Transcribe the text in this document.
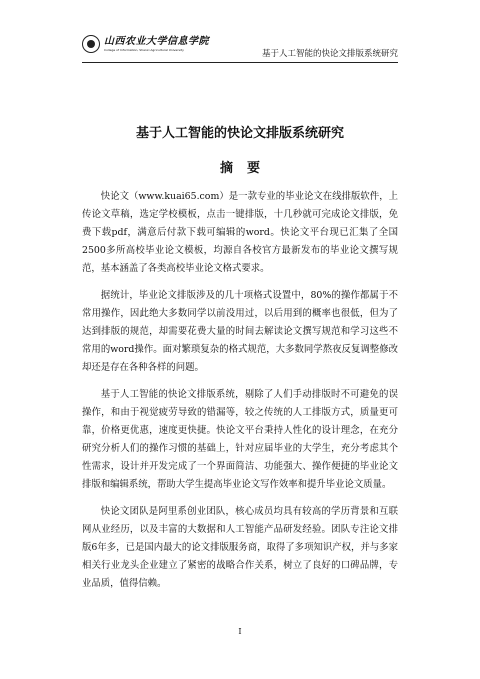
山西农业大学信息学院
College of Information, Shanxi Agricultural University	基于人工智能的快论文排版系统研究
基于人工智能的快论文排版系统研究
摘要

快论文（www.kuai65.com）是一款专业的毕业论文在线排版软件，上传论文草稿，选定学校模板，点击一键排版，十几秒就可完成论文排版，免费下载pdf，满意后付款下载可编辑的word。快论文平台现已汇集了全国2500多所高校毕业论文模板，均源自各校官方最新发布的毕业论文撰写规范，基本涵盖了各类高校毕业论文格式要求。

据统计，毕业论文排版涉及的几十项格式设置中，80%的操作都属于不常用操作，因此绝大多数同学以前没用过，以后用到的概率也很低，但为了达到排版的规范，却需要花费大量的时间去解读论文撰写规范和学习这些不常用的word操作。面对繁琐复杂的格式规范，大多数同学熬夜反复调整修改却还是存在各种各样的问题。

基于人工智能的快论文排版系统，剔除了人们手动排版时不可避免的误操作，和由于视觉疲劳导致的错漏等，较之传统的人工排版方式，质量更可靠，价格更优惠，速度更快捷。快论文平台秉持人性化的设计理念，在充分研究分析人们的操作习惯的基础上，针对应届毕业的大学生，充分考虑其个性需求，设计并开发完成了一个界面简洁、功能强大、操作便捷的毕业论文排版和编辑系统，帮助大学生提高毕业论文写作效率和提升毕业论文质量。

快论文团队是阿里系创业团队，核心成员均具有较高的学历背景和互联网从业经历，以及丰富的大数据和人工智能产品研发经验。团队专注论文排版6年多，已是国内最大的论文排版服务商，取得了多项知识产权，并与多家相关行业龙头企业建立了紧密的战略合作关系，树立了良好的口碑品牌，专业品质，值得信赖。

I
